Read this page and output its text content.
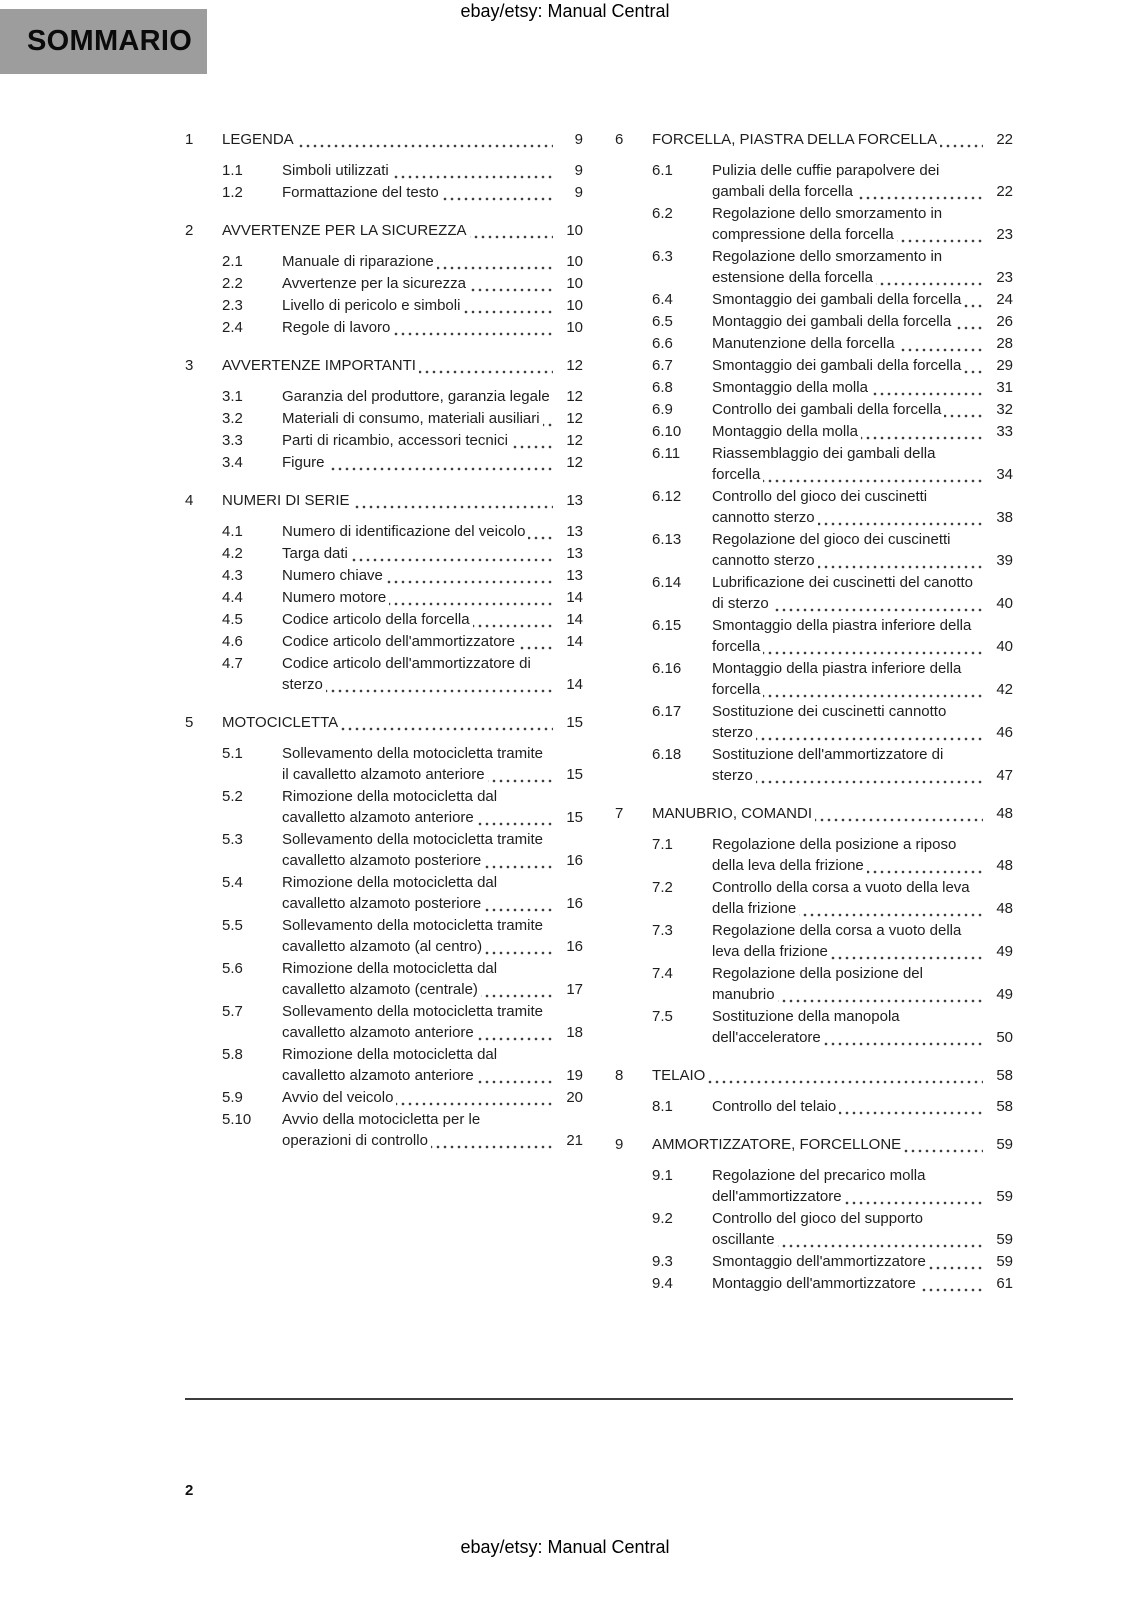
ebay/etsy: Manual Central
SOMMARIO
1	LEGENDA	9
1.1	Simboli utilizzati	9
1.2	Formattazione del testo	9
2	AVVERTENZE PER LA SICUREZZA	10
2.1	Manuale di riparazione	10
2.2	Avvertenze per la sicurezza	10
2.3	Livello di pericolo e simboli	10
2.4	Regole di lavoro	10
3	AVVERTENZE IMPORTANTI	12
3.1	Garanzia del produttore, garanzia legale	12
3.2	Materiali di consumo, materiali ausiliari	12
3.3	Parti di ricambio, accessori tecnici	12
3.4	Figure	12
4	NUMERI DI SERIE	13
4.1	Numero di identificazione del veicolo	13
4.2	Targa dati	13
4.3	Numero chiave	13
4.4	Numero motore	14
4.5	Codice articolo della forcella	14
4.6	Codice articolo dell'ammortizzatore	14
4.7	Codice articolo dell'ammortizzatore di sterzo	14
5	MOTOCICLETTA	15
5.1	Sollevamento della motocicletta tramite il cavalletto alzamoto anteriore	15
5.2	Rimozione della motocicletta dal cavalletto alzamoto anteriore	15
5.3	Sollevamento della motocicletta tramite cavalletto alzamoto posteriore	16
5.4	Rimozione della motocicletta dal cavalletto alzamoto posteriore	16
5.5	Sollevamento della motocicletta tramite cavalletto alzamoto (al centro)	16
5.6	Rimozione della motocicletta dal cavalletto alzamoto (centrale)	17
5.7	Sollevamento della motocicletta tramite cavalletto alzamoto anteriore	18
5.8	Rimozione della motocicletta dal cavalletto alzamoto anteriore	19
5.9	Avvio del veicolo	20
5.10	Avvio della motocicletta per le operazioni di controllo	21
6	FORCELLA, PIASTRA DELLA FORCELLA	22
6.1	Pulizia delle cuffie parapolvere dei gambali della forcella	22
6.2	Regolazione dello smorzamento in compressione della forcella	23
6.3	Regolazione dello smorzamento in estensione della forcella	23
6.4	Smontaggio dei gambali della forcella	24
6.5	Montaggio dei gambali della forcella	26
6.6	Manutenzione della forcella	28
6.7	Smontaggio dei gambali della forcella	29
6.8	Smontaggio della molla	31
6.9	Controllo dei gambali della forcella	32
6.10	Montaggio della molla	33
6.11	Riassemblaggio dei gambali della forcella	34
6.12	Controllo del gioco dei cuscinetti cannotto sterzo	38
6.13	Regolazione del gioco dei cuscinetti cannotto sterzo	39
6.14	Lubrificazione dei cuscinetti del canotto di sterzo	40
6.15	Smontaggio della piastra inferiore della forcella	40
6.16	Montaggio della piastra inferiore della forcella	42
6.17	Sostituzione dei cuscinetti cannotto sterzo	46
6.18	Sostituzione dell'ammortizzatore di sterzo	47
7	MANUBRIO, COMANDI	48
7.1	Regolazione della posizione a riposo della leva della frizione	48
7.2	Controllo della corsa a vuoto della leva della frizione	48
7.3	Regolazione della corsa a vuoto della leva della frizione	49
7.4	Regolazione della posizione del manubrio	49
7.5	Sostituzione della manopola dell'acceleratore	50
8	TELAIO	58
8.1	Controllo del telaio	58
9	AMMORTIZZATORE, FORCELLONE	59
9.1	Regolazione del precarico molla dell'ammortizzatore	59
9.2	Controllo del gioco del supporto oscillante	59
9.3	Smontaggio dell'ammortizzatore	59
9.4	Montaggio dell'ammortizzatore	61
2
ebay/etsy: Manual Central
